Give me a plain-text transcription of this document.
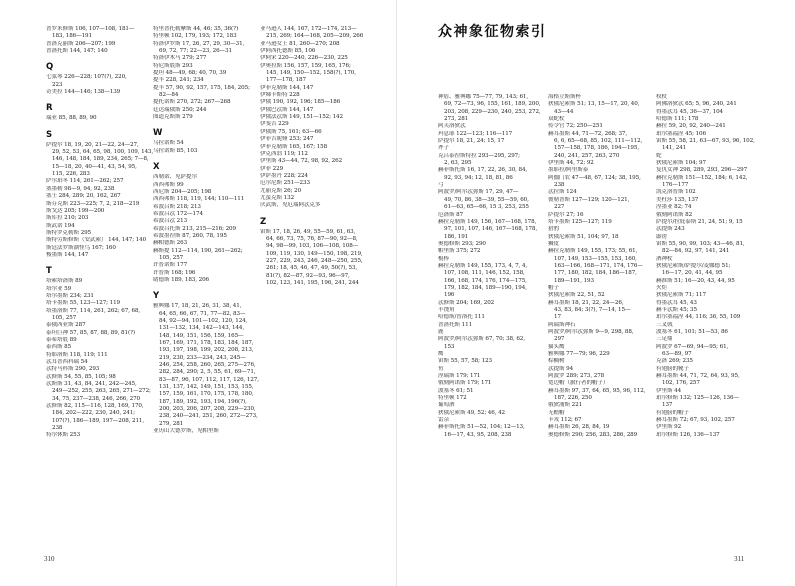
普罗米修斯 106, 107—108, 181—
183, 186—191
普洛克丽斯 206—207; 199
普洛托斯 144, 147; 140
Q
七弦琴 226—228; 107(?), 220,
223
奇美拉 144—146; 138—139
R
瑞亚 85, 88, 89, 90
S
萨提尔 18, 19, 20, 21—22, 24—27,
29, 52, 53, 64, 65, 98, 100, 109, 143,
146, 148, 184, 189, 234, 265; 7—8,
15—18, 20, 40—41, 43, 54, 95,
115, 226, 283
萨尔珀冬 114, 261—262; 257
塞墨勒 98—9, 94, 92, 238
塞壬 284, 289; 20, 162, 267
斯芬克斯 223—225; 7, 2, 218—219
斯戈达 205; 199—200
斯库拉 210; 203
斯武诺 194
斯特罗克勒斯 295
斯特劳斯修斯（安武索） 144, 147; 140
斯廷法罗斯湖怪鸟 167; 160
梭墨斯 144, 147
T
塔索塔洛斯 89
塔尔亚 59
塔尔墨斯 234; 231
塔卡墨斯 55, 123—127; 119
塔墨洛斯 77, 114, 261, 262; 67, 68,
105, 257
泰俄西亚斯 287
泰坦巨神 57, 85, 87, 88, 89, 81(?)
泰希塔底 89
泰西斯 85
特耶洛斯 118, 119; 111
忒耳普西科瑞 54
忒特马科斯 290, 293
忒修斯 54, 55, 85, 105; 98
忒斯斯 31, 43, 84, 241, 242—245,
249—252, 255, 263, 265, 271—272;
34, 75, 237—238, 246, 266, 270
忒修斯 82, 115—116, 128, 169, 170,
184, 202—222, 230, 240, 241;
107(?), 186—189, 197—208, 211,
238
特尔休斯 253
特里普托勒摩斯 44, 46; 35, 36(?)
特里顿 102, 179, 193; 172, 183
特洛伊罗斯 17, 26, 27, 29, 30—31,
69, 72, 77; 22—23, 26—31
特洛伊木马 279; 277
特尼斯底斯 293
提坦 48—49, 68; 40, 70, 39
提丰 228, 241; 234
提丰 57, 90, 92, 157, 175, 184, 205;
82—84
提托诺斯 270, 272; 267—268
廷达瑞俄斯 250; 244
图道克斯斯 279
W
乌拉诺斯 54
乌拉诺斯 85, 103
X
西勒诺、见萨提尔
西西弗斯 99
西尼斯 204—205; 198
西西弗斯 118, 119, 144; 110—111
希波吕斯 218; 213
希波吕忒 172—174
希波吕忒 213
希波吕托斯 213, 215—216; 209
希波墨涅斯 87, 260, 78, 195
赫帕德斯 263
赫斯提 112—114, 190, 261—262;
105, 257
许普诺斯 177
许普斯 168; 196
绪德斯 189, 183, 206
Y
雅典娜 17, 18, 21, 26, 31, 38, 41,
64, 65, 66, 67, 71, 77—82, 83—
84, 92—94, 101—102, 120, 124,
131—132, 134, 142—143, 144,
148, 149, 151, 156, 159, 165—
167, 169, 171, 178, 183, 184, 187,
193, 197, 198, 199, 202, 208, 213,
219, 230, 233—234, 243, 245—
246, 254, 258, 260, 265, 275—276,
282, 284, 290; 2, 5, 55, 61, 69—71,
83—87, 96, 107, 112, 117, 126, 127,
131, 137, 142, 149, 151, 153, 155,
157, 159, 161, 170, 175, 178, 180,
187, 189, 192, 193, 194, 196(?),
200, 203, 206, 207, 208, 229—230,
238, 240—241, 251, 260, 272—273,
279, 281
亚历山大德罗斯，见帕里斯
亚马逊人 144, 167, 172—174, 213—
215, 269; 164—168, 205—209, 266
亚马逊女王 81, 260—270; 208
伊阿西托德斯 85, 106
伊阿宋 220—240, 226—230, 225
伊奥拉斯 156, 157, 159, 165, 176;
145, 149, 150—152, 158(?), 170,
177—178, 187
伊菲克勒斯 144, 147
伊娣卡斯特 228
伊俄 190, 192, 196; 185—186
伊俄巴忒斯 144, 147
伊俄法忒斯 149, 151—152; 142
伊斐吉 229
伊俄斯 75, 161; 63—66
伊菲吉妮娅 253; 247
伊菲克勒斯 165, 167; 158
伊克西翁 119; 112
伊里斯 43—44, 72, 98, 92, 262
伊菲 229
伊萨墨丹 228; 224
厄尔尼斯 251—233
尤丽克斯 26; 20
尤蛮克斯 132
厌武斯，见厄瑞阿忒克多
Z
宙斯 17, 18, 26, 49, 55—59, 61, 63,
64, 66, 73, 75, 76, 87—90, 92—8,
94, 98—99, 103, 106—108, 108—
109, 119, 130, 149—150, 198, 219,
227, 229, 243, 246, 248—250, 255,
261; 18, 45, 46, 47, 49, 50(?), 53,
81(?), 82—87, 92—93, 96—97,
102, 123, 141, 195, 196, 241, 244
310
众神象征物索引
神盾、雅典娜 75—77, 79, 143; 61,
69, 72—73, 96, 155, 161, 189, 200,
203, 208, 229—230, 240, 253, 272,
273, 281
阿芙洛狄忒
玛息耶 122—123; 116—117
萨提尔 18, 21, 24; 15, 17
斧子
克吕泰涅斯特拉 293—295, 297;
2, 63, 295
赫菲斯托斯 16, 17, 22, 26, 30, 84,
92, 93, 94; 12, 18, 81, 86
弓
阿波罗/阿尔忒弥斯 17, 29, 47—
49, 70, 86, 38—39, 55—59, 60,
61—63, 65—66, 15 3, 253, 255
厄洛斯 87
赫拉克勒斯 149, 156, 167—168, 178,
97, 101, 107, 146, 167—168, 178,
186, 191
奥德修斯 293; 290
帕里斯 375; 272
棍棒
赫拉克勒斯 149, 155, 173, 4, 7, 4,
107, 108, 111, 146, 152, 158,
166, 168, 174, 176, 174—175,
179, 182, 184, 189—190, 194,
196
忒修斯 204; 169, 202
丰饶角
哈德斯/普洛托 111
普洛托斯 111
鹿
阿波罗/阿尔忒弥斯 67, 70; 38, 62,
153
鹰
宙斯 55, 57, 58; 123
鱼
涅瑞斯 179; 171
俄刻阿诺斯 179; 171
波塞冬 61; 51
特里顿 172
葡萄酒
狄俄尼索斯 49, 52; 46, 42
雷杂
赫菲斯托斯 51—52, 104; 12—13,
16—17, 43, 95, 208, 238
海格立斯斯杯
狄俄尼索斯 51; 13, 15—17, 20, 40,
43—44
双蛇杖
传令官 72; 250—251
赫耳墨斯 44, 71—72, 268; 37,
6, 6, 65—68, 85, 102, 111—112,
157—158, 178, 186, 194—195,
240, 241, 257, 263, 270
伊里斯 44, 72; 92
墨耶拉/阿里斯泰
阿伽门农 47—48, 67, 124; 38, 195,
238
忒拉斯 124
彼勒普斯 127—129; 120—121,
227
萨提尔 27; 16
塔卡墨斯 125—127; 119
猎豹
狄俄尼索斯 51, 104; 97, 18
狮皮
赫拉克勒斯 149, 155, 173; 55, 61,
107, 149, 153—155, 153, 160,
163—166, 168—171, 174, 176—
177, 180, 182, 184, 186—187,
189—191, 193
帽子
狄俄尼索斯 22, 51, 52
赫耳墨斯 18, 21, 22, 24—26,
43, 83, 84; 3(?), 7—14, 15—
17
阿瑞斯神石
阿波罗/阿尔忒弥斯 9—9, 298, 88,
297
猫头鹰
雅典娜 77—79; 96, 229
棕榈树
忒提斯 94
阿波罗 289; 273, 278
宽边帽（旅行者的帽子）
赫耳墨斯 97, 37, 64, 65, 95, 96, 112,
187, 226, 250
俄狄浦斯 221
无檐帽
卡戎 112; 67
赫耳墨斯 26, 28, 84, 19
奥德修斯 290; 256, 283, 286, 289
权杖
阿佛洛狄忒 65; 5, 96, 240, 241
得墨忒耳 45, 36—37, 104
哈德斯 111; 178
赫拉 59, 20, 92, 240—241
珀尔塞福涅 45; 106
宙斯 55, 58, 21, 63—67, 93, 96, 102,
141, 241
蛇
狄俄尼索斯 104; 97
复仇女神 298, 289, 293, 296—297
赫拉克勒斯 151—152, 184; 6, 142,
176—177
凯克洛普斯 102
美杜莎 135, 137
涅墨亚 82; 74
俄刻阿诺斯 82
萨提尔/拉庇泰斯 21, 24, 51; 9, 15
忒提斯 243
霹雳
宙斯 55, 90, 99, 103; 43—46, 81,
82—84, 92, 97, 141, 241
酒神杖
狄俄尼索斯/萨提尔/麦娜德 51;
16—17, 20, 41, 44, 95
赫淮斯 51; 16—20, 43, 44, 95
火炬
狄俄尼索斯 71; 117
得墨忒耳 45, 43
赫卡忒斯 45; 35
珀尔塞福涅 44, 116; 36, 55, 109
三叉戟
波塞冬 61, 101; 51—53, 86
三足鼎
阿波罗 67—69, 94—95; 61,
63—89, 97
克洛 269; 235
有翅膀的靴子
赫耳墨斯 44, 71, 72, 64, 93, 95,
102, 176, 257
伊里斯 44
珀尔修斯 132; 125—126, 136—
137
有翅膀的帽子
赫耳墨斯 72; 67, 93, 102, 257
伊里斯 92
珀尔修斯 126, 136—137
311
